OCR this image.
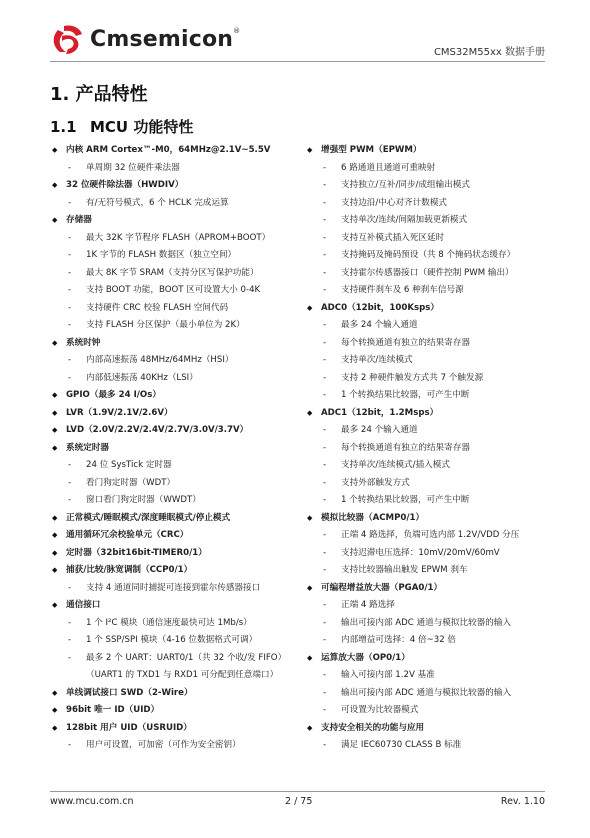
Cmsemicon®
CMS32M55xx 数据手册
1. 产品特性
1.1 MCU 功能特性
◆ 内核 ARM Cortex™-M0，64MHz@2.1V~5.5V
- 单周期 32 位硬件乘法器
◆ 32 位硬件除法器（HWDIV）
- 有/无符号模式，6 个 HCLK 完成运算
◆ 存储器
- 最大 32K 字节程序 FLASH（APROM+BOOT）
- 1K 字节的 FLASH 数据区（独立空间）
- 最大 8K 字节 SRAM（支持分区写保护功能）
- 支持 BOOT 功能，BOOT 区可设置大小 0-4K
- 支持硬件 CRC 校验 FLASH 空间代码
- 支持 FLASH 分区保护（最小单位为 2K）
◆ 系统时钟
- 内部高速振荡 48MHz/64MHz（HSI）
- 内部低速振荡 40KHz（LSI）
◆ GPIO（最多 24 I/Os）
◆ LVR（1.9V/2.1V/2.6V）
◆ LVD（2.0V/2.2V/2.4V/2.7V/3.0V/3.7V）
◆ 系统定时器
- 24 位 SysTick 定时器
- 看门狗定时器（WDT）
- 窗口看门狗定时器（WWDT）
◆ 正常模式/睡眠模式/深度睡眠模式/停止模式
◆ 通用循环冗余校验单元（CRC）
◆ 定时器（32bit16bit-TIMER0/1）
◆ 捕获/比较/脉宽调制（CCP0/1）
- 支持 4 通道同时捕捉可连接到霍尔传感器接口
◆ 通信接口
- 1 个 I²C 模块（通信速度最快可达 1Mb/s）
- 1 个 SSP/SPI 模块（4-16 位数据格式可调）
- 最多 2 个 UART：UART0/1（共 32 个收/发 FIFO）
（UART1 的 TXD1 与 RXD1 可分配到任意端口）
◆ 单线调试接口 SWD（2-Wire）
◆ 96bit 唯一 ID（UID）
◆ 128bit 用户 UID（USRUID）
- 用户可设置，可加密（可作为安全密钥）
◆ 增强型 PWM（EPWM）
- 6 路通道且通道可重映射
- 支持独立/互补/同步/成组输出模式
- 支持边沿/中心对齐计数模式
- 支持单次/连续/间隔加载更新模式
- 支持互补模式插入死区延时
- 支持掩码及掩码预设（共 8 个掩码状态缓存）
- 支持霍尔传感器接口（硬件控制 PWM 输出）
- 支持硬件刹车及 6 种刹车信号源
◆ ADC0（12bit，100Ksps）
- 最多 24 个输入通道
- 每个转换通道有独立的结果寄存器
- 支持单次/连续模式
- 支持 2 种硬件触发方式共 7 个触发源
- 1 个转换结果比较器，可产生中断
◆ ADC1（12bit，1.2Msps）
- 最多 24 个输入通道
- 每个转换通道有独立的结果寄存器
- 支持单次/连续模式/插入模式
- 支持外部触发方式
- 1 个转换结果比较器，可产生中断
◆ 模拟比较器（ACMP0/1）
- 正端 4 路选择，负端可选内部 1.2V/VDD 分压
- 支持迟滞电压选择：10mV/20mV/60mV
- 支持比较器输出触发 EPWM 刹车
◆ 可编程增益放大器（PGA0/1）
- 正端 4 路选择
- 输出可接内部 ADC 通道与模拟比较器的输入
- 内部增益可选择：4 倍~32 倍
◆ 运算放大器（OP0/1）
- 输入可接内部 1.2V 基准
- 输出可接内部 ADC 通道与模拟比较器的输入
- 可设置为比较器模式
◆ 支持安全相关的功能与应用
- 满足 IEC60730 CLASS B 标准
www.mcu.com.cn	2 / 75	Rev. 1.10
